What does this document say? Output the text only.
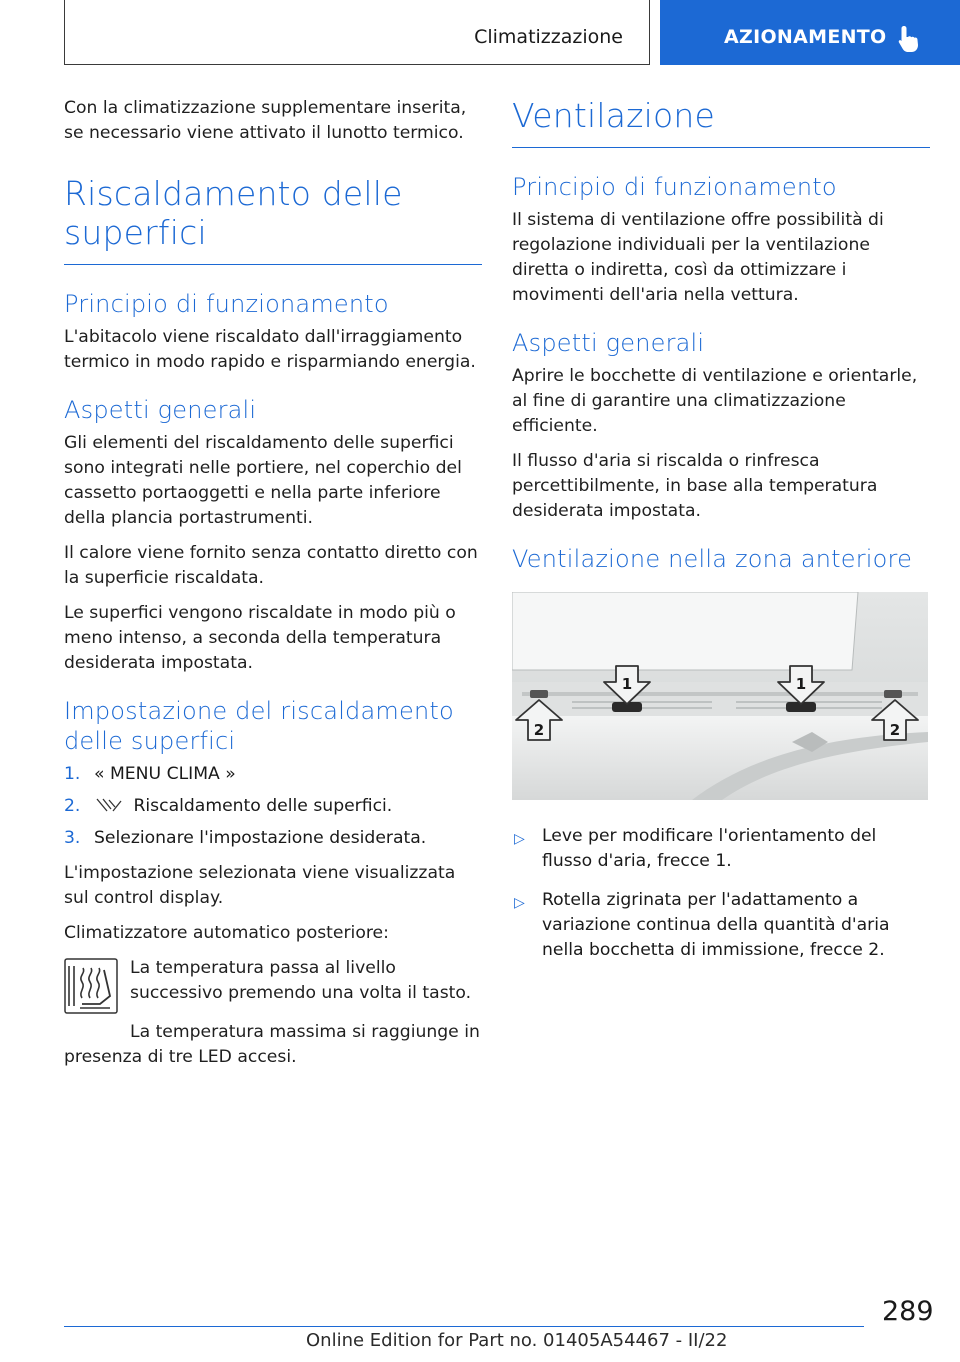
Climatizzazione	AZIONAMENTO

Con la climatizzazione supplementare inserita, se necessario viene attivato il lunotto termico.

Riscaldamento delle superfici
Principio di funzionamento

L'abitacolo viene riscaldato dall'irraggiamento termico in modo rapido e risparmiando energia.

Aspetti generali

Gli elementi del riscaldamento delle superfici sono integrati nelle portiere, nel coperchio del cassetto portaoggetti e nella parte inferiore della plancia portastrumenti.

Il calore viene fornito senza contatto diretto con la superficie riscaldata.

Le superfici vengono riscaldate in modo più o meno intenso, a seconda della temperatura desiderata impostata.

Impostazione del riscaldamento delle superfici
1. « MENU CLIMA »
2.	Riscaldamento delle superfici.
3. Selezionare l'impostazione desiderata.

L'impostazione selezionata viene visualizzata sul control display.

Climatizzatore automatico posteriore:

La temperatura passa al livello successivo premendo una volta il tasto.

La temperatura massima si raggiunge in presenza di tre LED accesi.

Ventilazione
Principio di funzionamento

Il sistema di ventilazione offre possibilità di regolazione individuali per la ventilazione diretta o indiretta, così da ottimizzare i movimenti dell'aria nella vettura.

Aspetti generali

Aprire le bocchette di ventilazione e orientarle, al fine di garantire una climatizzazione efficiente.

Il flusso d'aria si riscalda o rinfresca percettibilmente, in base alla temperatura desiderata impostata.

Ventilazione nella zona anteriore
1	1
2	2
▷ Leve per modificare l'orientamento del flusso d'aria, frecce 1.
▷ Rotella zigrinata per l'adattamento a variazione continua della quantità d'aria nella bocchetta di immissione, frecce 2.
289
Online Edition for Part no. 01405A54467 - II/22
